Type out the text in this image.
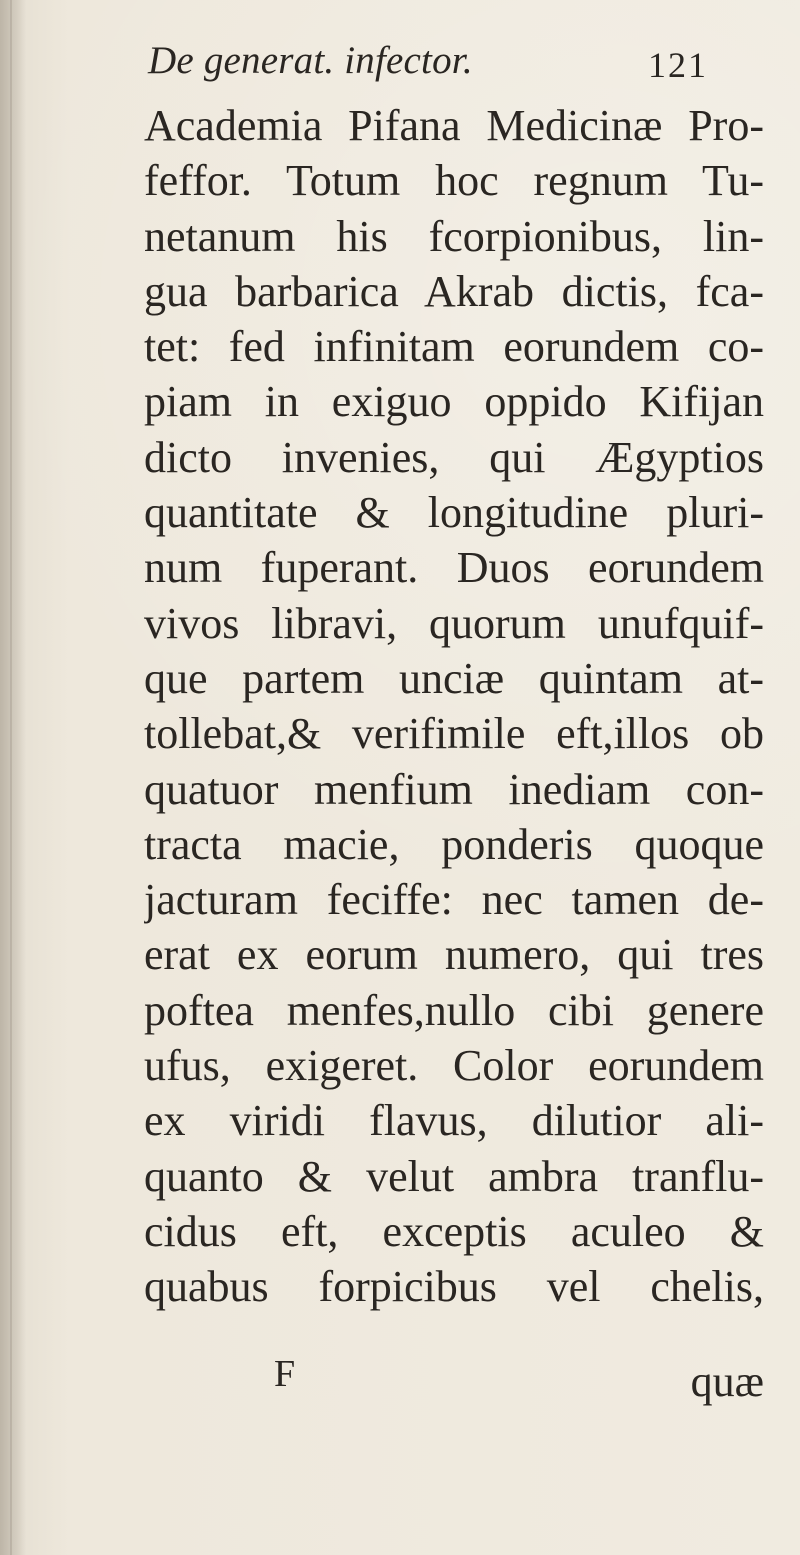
De generat. infector.	121
Academia Pifana Medicinæ Pro-
feffor. Totum hoc regnum Tu-
netanum his fcorpionibus, lin-
gua barbarica Akrab dictis, fca-
tet: fed infinitam eorundem co-
piam in exiguo oppido Kifijan
dicto invenies, qui Ægyptios
quantitate & longitudine pluri-
num fuperant. Duos eorundem
vivos libravi, quorum unufquif-
que partem unciæ quintam at-
tollebat,& verifimile eft,illos ob
quatuor menfium inediam con-
tracta macie, ponderis quoque
jacturam feciffe: nec tamen de-
erat ex eorum numero, qui tres
poftea menfes,nullo cibi genere
ufus, exigeret. Color eorundem
ex viridi flavus, dilutior ali-
quanto & velut ambra tranflu-
cidus eft, exceptis aculeo &
quabus forpicibus vel chelis,
F	quæ
